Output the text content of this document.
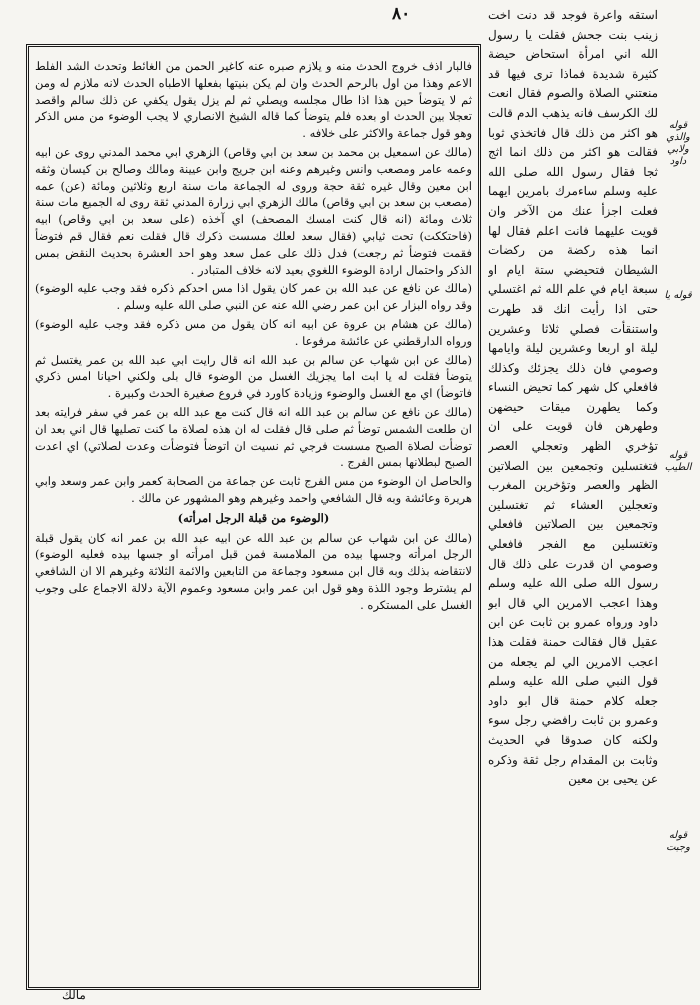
٨٠

فالبار اذف خروج الحدث منه و يلازم صبره عنه كاغير الحمن من الغائط وتحدث الشد الفلط الاعم وهذا من اول بالرحم الحدث وان لم يكن بنيتها بفعلها الاطباه الحدث لانه ملازم له ومن ثم لا يتوضأ حين هذا اذا طال مجلسه ويصلي ثم لم يزل يقول يكفي عن ذلك سالم واقصد تعجلا بين الحدث او بعده فلم يتوضأ كما قاله الشيخ الانصاري لا يجب الوضوء من مس الذكر وهو قول جماعة والاكثر على خلافه .

(مالك عن اسمعيل بن محمد بن سعد بن ابي وقاص) الزهري ابي محمد المدني روى عن ابيه وعمه عامر ومصعب وانس وغيرهم وعنه ابن جريج وابن عيينة ومالك وصالح بن كيسان وثقه ابن معين وقال غيره ثقة حجة وروى له الجماعة مات سنة اربع وثلاثين ومائة (عن) عمه (مصعب بن سعد بن ابي وقاص) مالك الزهري ابي زرارة المدني ثقة روى له الجميع مات سنة ثلاث ومائة (انه قال كنت امسك المصحف) اي آخذه (على سعد بن ابي وقاص) ابيه (فاحتككت) تحت ثيابي (فقال سعد لعلك مسست ذكرك قال فقلت نعم فقال قم فتوضأ فقمت فتوضأ ثم رجعت) فدل ذلك على عمل سعد وهو احد العشرة بحديث النقض بمس الذكر واحتمال ارادة الوضوء اللغوي بعيد لانه خلاف المتبادر .

(مالك عن نافع عن عبد الله بن عمر كان يقول اذا مس احدكم ذكره فقد وجب عليه الوضوء) وقد رواه البزار عن ابن عمر رضي الله عنه عن النبي صلى الله عليه وسلم .

(مالك عن هشام بن عروة عن ابيه انه كان يقول من مس ذكره فقد وجب عليه الوضوء) ورواه الدارقطني عن عائشة مرفوعا .

(مالك عن ابن شهاب عن سالم بن عبد الله انه قال رايت ابي عبد الله بن عمر يغتسل ثم يتوضأ فقلت له يا ابت اما يجزيك الغسل من الوضوء قال بلى ولكني احيانا امس ذكري فاتوضأ) اي مع الغسل والوضوء وزيادة كاورد في فروع صغيرة الحدث وكبيرة .

(مالك عن نافع عن سالم بن عبد الله انه قال كنت مع عبد الله بن عمر في سفر فرايته بعد ان طلعت الشمس توضأ ثم صلى قال فقلت له ان هذه لصلاة ما كنت تصليها قال اني بعد ان توضأت لصلاة الصبح مسست فرجي ثم نسيت ان اتوضأ فتوضأت وعدت لصلاتي) اي اعدت الصبح لبطلانها بمس الفرج .

والحاصل ان الوضوء من مس الفرج ثابت عن جماعة من الصحابة كعمر وابن عمر وسعد وابي هريرة وعائشة وبه قال الشافعي واحمد وغيرهم وهو المشهور عن مالك .

(الوضوء من قبلة الرجل امرأته)

(مالك عن ابن شهاب عن سالم بن عبد الله عن ابيه عبد الله بن عمر انه كان يقول قبلة الرجل امرأته وجسها بيده من الملامسة فمن قبل امرأته او جسها بيده فعليه الوضوء) لانتقاضه بذلك وبه قال ابن مسعود وجماعة من التابعين والائمة الثلاثة وغيرهم الا ان الشافعي لم يشترط وجود اللذة وهو قول ابن عمر وابن مسعود وعموم الآية دلالة الاجماع على وجوب الغسل على المستكره .

استقه واعرة فوجد قد دنت اخت زينب بنت جحش فقلت يا رسول الله اني امرأة استحاض حيضة كثيرة شديدة فماذا ترى فيها قد منعتني الصلاة والصوم فقال انعت لك الكرسف فانه يذهب الدم قالت هو اكثر من ذلك قال فاتخذي ثوبا فقالت هو اكثر من ذلك انما اثج ثجا فقال رسول الله صلى الله عليه وسلم ساءمرك بامرين ايهما فعلت اجزأ عنك من الآخر وان قويت عليهما فانت اعلم فقال لها انما هذه ركضة من ركضات الشيطان فتحيضي ستة ايام او سبعة ايام في علم الله ثم اغتسلي حتى اذا رأيت انك قد طهرت واستنقأت فصلي ثلاثا وعشرين ليلة او اربعا وعشرين ليلة وايامها وصومي فان ذلك يجزئك وكذلك فافعلي كل شهر كما تحيض النساء وكما يطهرن ميقات حيضهن وطهرهن فان قويت على ان تؤخري الظهر وتعجلي العصر فتغتسلين وتجمعين بين الصلاتين الظهر والعصر وتؤخرين المغرب وتعجلين العشاء ثم تغتسلين وتجمعين بين الصلاتين فافعلي وتغتسلين مع الفجر فافعلي وصومي ان قدرت على ذلك قال رسول الله صلى الله عليه وسلم وهذا اعجب الامرين الي قال ابو داود ورواه عمرو بن ثابت عن ابن عقيل قال فقالت حمنة فقلت هذا اعجب الامرين الي لم يجعله من قول النبي صلى الله عليه وسلم جعله كلام حمنة قال ابو داود وعمرو بن ثابت رافضي رجل سوء ولكنه كان صدوقا في الحديث وثابت بن المقدام رجل ثقة وذكره عن يحيى بن معين

قوله والذي ولابي داود
قوله يا
قوله الطيب
قوله وجبت
مالك
